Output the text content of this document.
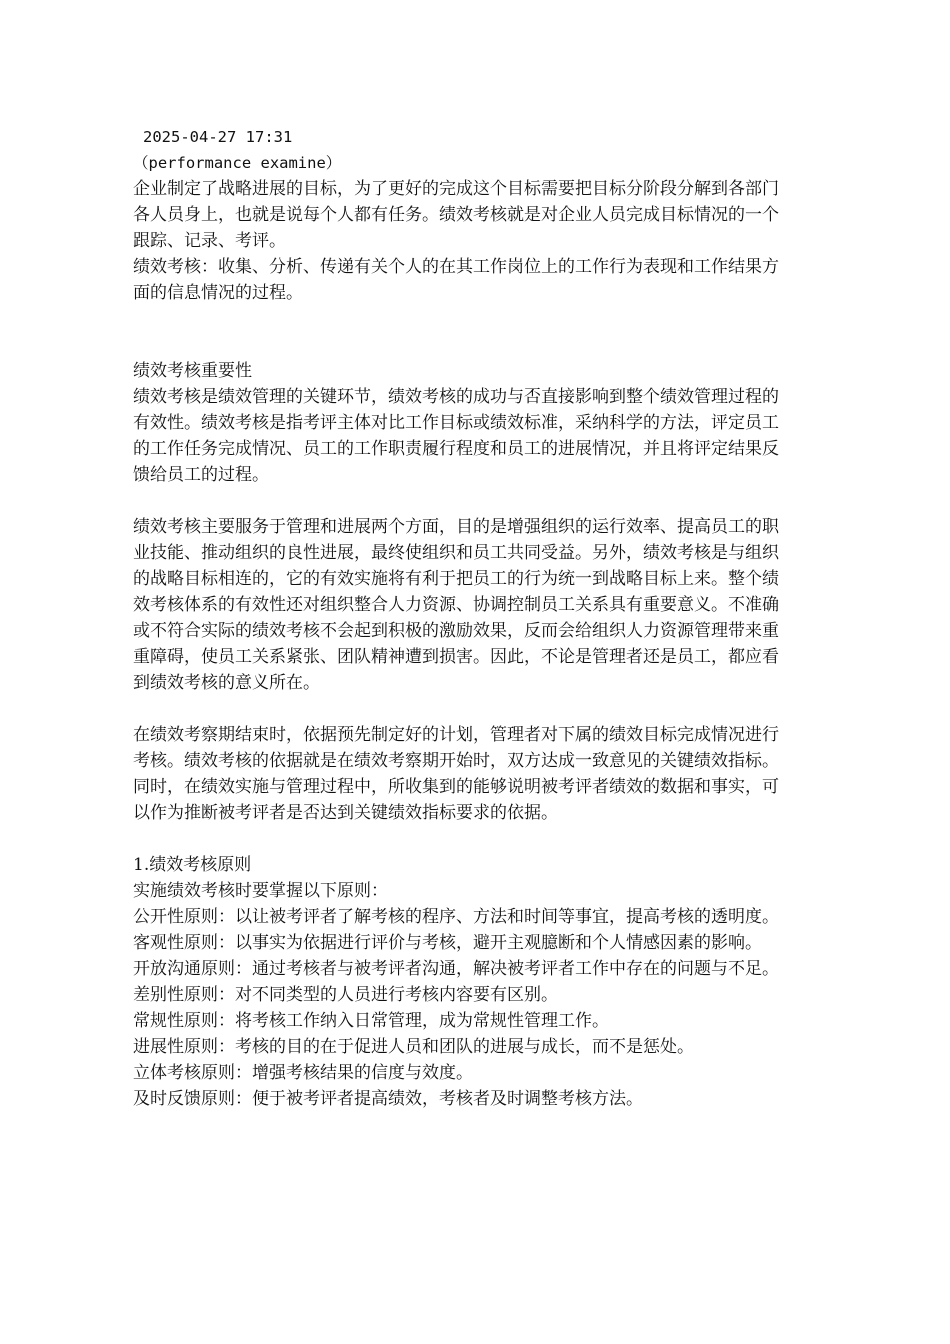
2025-04-27 17:31

（performance examine）

企业制定了战略进展的目标，为了更好的完成这个目标需要把目标分阶段分解到各部门各人员身上，也就是说每个人都有任务。绩效考核就是对企业人员完成目标情况的一个跟踪、记录、考评。

绩效考核：收集、分析、传递有关个人的在其工作岗位上的工作行为表现和工作结果方面的信息情况的过程。

绩效考核重要性

绩效考核是绩效管理的关键环节，绩效考核的成功与否直接影响到整个绩效管理过程的有效性。绩效考核是指考评主体对比工作目标或绩效标准，采纳科学的方法，评定员工的工作任务完成情况、员工的工作职责履行程度和员工的进展情况，并且将评定结果反馈给员工的过程。

绩效考核主要服务于管理和进展两个方面，目的是增强组织的运行效率、提高员工的职业技能、推动组织的良性进展，最终使组织和员工共同受益。另外，绩效考核是与组织的战略目标相连的，它的有效实施将有利于把员工的行为统一到战略目标上来。整个绩效考核体系的有效性还对组织整合人力资源、协调控制员工关系具有重要意义。不准确或不符合实际的绩效考核不会起到积极的激励效果，反而会给组织人力资源管理带来重重障碍，使员工关系紧张、团队精神遭到损害。因此，不论是管理者还是员工，都应看到绩效考核的意义所在。

在绩效考察期结束时，依据预先制定好的计划，管理者对下属的绩效目标完成情况进行考核。绩效考核的依据就是在绩效考察期开始时，双方达成一致意见的关键绩效指标。同时，在绩效实施与管理过程中，所收集到的能够说明被考评者绩效的数据和事实，可以作为推断被考评者是否达到关键绩效指标要求的依据。

1.绩效考核原则

实施绩效考核时要掌握以下原则：

公开性原则：以让被考评者了解考核的程序、方法和时间等事宜，提高考核的透明度。

客观性原则：以事实为依据进行评价与考核，避开主观臆断和个人情感因素的影响。

开放沟通原则：通过考核者与被考评者沟通，解决被考评者工作中存在的问题与不足。

差别性原则：对不同类型的人员进行考核内容要有区别。

常规性原则：将考核工作纳入日常管理，成为常规性管理工作。

进展性原则：考核的目的在于促进人员和团队的进展与成长，而不是惩处。

立体考核原则：增强考核结果的信度与效度。

及时反馈原则：便于被考评者提高绩效，考核者及时调整考核方法。
